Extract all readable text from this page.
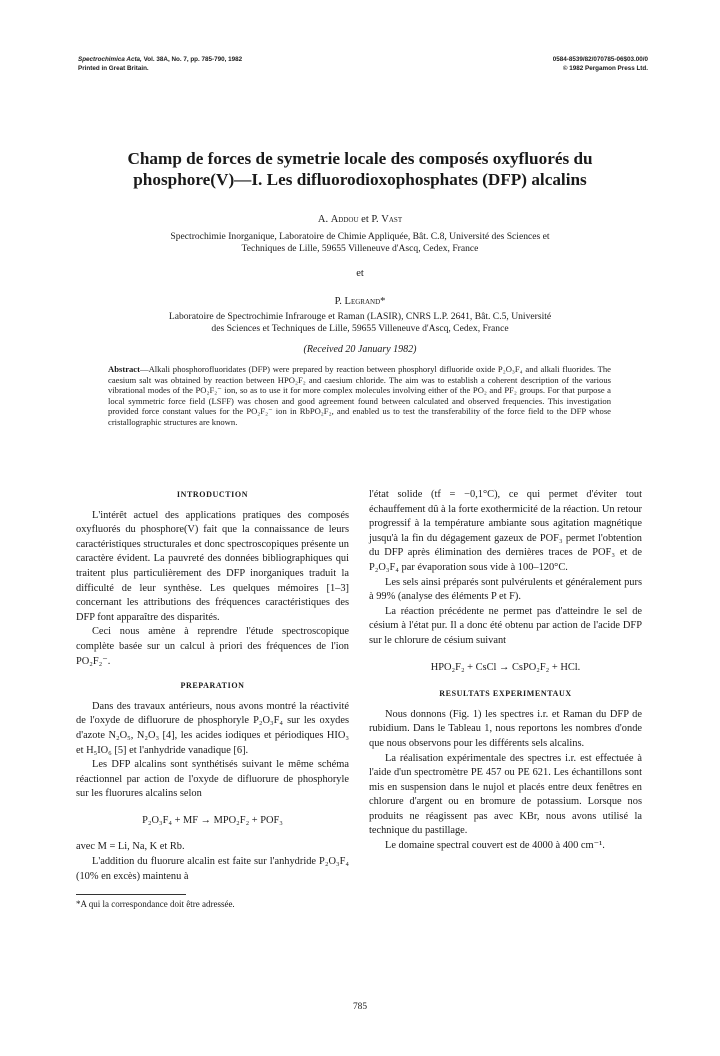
Spectrochimica Acta, Vol. 38A, No. 7, pp. 785-790, 1982
Printed in Great Britain.
0584-8539/82/070785-06$03.00/0
© 1982 Pergamon Press Ltd.
Champ de forces de symetrie locale des composés oxyfluorés du
phosphore(V)—I. Les difluorodioxophosphates (DFP) alcalins
A. Addou et P. Vast
Spectrochimie Inorganique, Laboratoire de Chimie Appliquée, Bât. C.8, Université des Sciences et
Techniques de Lille, 59655 Villeneuve d'Ascq, Cedex, France
et
P. Legrand*
Laboratoire de Spectrochimie Infrarouge et Raman (LASIR), CNRS L.P. 2641, Bât. C.5, Université
des Sciences et Techniques de Lille, 59655 Villeneuve d'Ascq, Cedex, France
(Received 20 January 1982)
Abstract—Alkali phosphorofluoridates (DFP) were prepared by reaction between phosphoryl difluoride oxide P₂O₃F₄ and alkali fluorides. The caesium salt was obtained by reaction between HPO₂F₂ and caesium chloride. The aim was to establish a coherent description of the various vibrational modes of the PO₂F₂⁻ ion, so as to use it for more complex molecules involving either of the PO₂ and PF₂ groups. For that purpose a local symmetric force field (LSFF) was chosen and good agreement found between calculated and observed frequencies. This investigation provided force constant values for the PO₂F₂⁻ ion in RbPO₂F₂, and enabled us to test the transferability of the force field to the DFP whose cristallographic structures are known.
INTRODUCTION

L'intérêt actuel des applications pratiques des composés oxyfluorés du phosphore(V) fait que la connaissance de leurs caractéristiques structurales et donc spectroscopiques présente un caractère évident. La pauvreté des données bibliographiques qui traitent plus particulièrement des DFP inorganiques traduit la difficulté de leur synthèse. Les quelques mémoires [1–3] concernant les attributions des fréquences caractéristiques des DFP font apparaître des disparités.

Ceci nous amène à reprendre l'étude spectroscopique complète basée sur un calcul à priori des fréquences de l'ion PO₂F₂⁻.

PREPARATION

Dans des travaux antérieurs, nous avons montré la réactivité de l'oxyde de difluorure de phosphoryle P₂O₃F₄ sur les oxydes d'azote N₂O₅, N₂O₃ [4], les acides iodiques et périodiques HIO₃ et H₅IO₆ [5] et l'anhydride vanadique [6].

Les DFP alcalins sont synthétisés suivant le même schéma réactionnel par action de l'oxyde de difluorure de phosphoryle sur les fluorures alcalins selon

P₂O₃F₄ + MF → MPO₂F₂ + POF₃

avec M = Li, Na, K et Rb.

L'addition du fluorure alcalin est faite sur l'anhydride P₂O₃F₄ (10% en excès) maintenu à

*A qui la correspondance doit être adressée.

l'état solide (tf = −0,1°C), ce qui permet d'éviter tout échauffement dû à la forte exothermicité de la réaction. Un retour progressif à la température ambiante sous agitation magnétique jusqu'à la fin du dégagement gazeux de POF₃ permet l'obtention du DFP après élimination des dernières traces de POF₃ et de P₂O₃F₄ par évaporation sous vide à 100–120°C.

Les sels ainsi préparés sont pulvérulents et généralement purs à 99% (analyse des éléments P et F).

La réaction précédente ne permet pas d'atteindre le sel de césium à l'état pur. Il a donc été obtenu par action de l'acide DFP sur le chlorure de césium suivant

HPO₂F₂ + CsCl → CsPO₂F₂ + HCl.
RESULTATS EXPERIMENTAUX

Nous donnons (Fig. 1) les spectres i.r. et Raman du DFP de rubidium. Dans le Tableau 1, nous reportons les nombres d'onde que nous observons pour les différents sels alcalins.

La réalisation expérimentale des spectres i.r. est effectuée à l'aide d'un spectromètre PE 457 ou PE 621. Les échantillons sont mis en suspension dans le nujol et placés entre deux fenêtres en chlorure d'argent ou en bromure de potassium. Lorsque nos produits ne réagissent pas avec KBr, nous avons utilisé la technique du pastillage.

Le domaine spectral couvert est de 4000 à 400 cm⁻¹.

785
